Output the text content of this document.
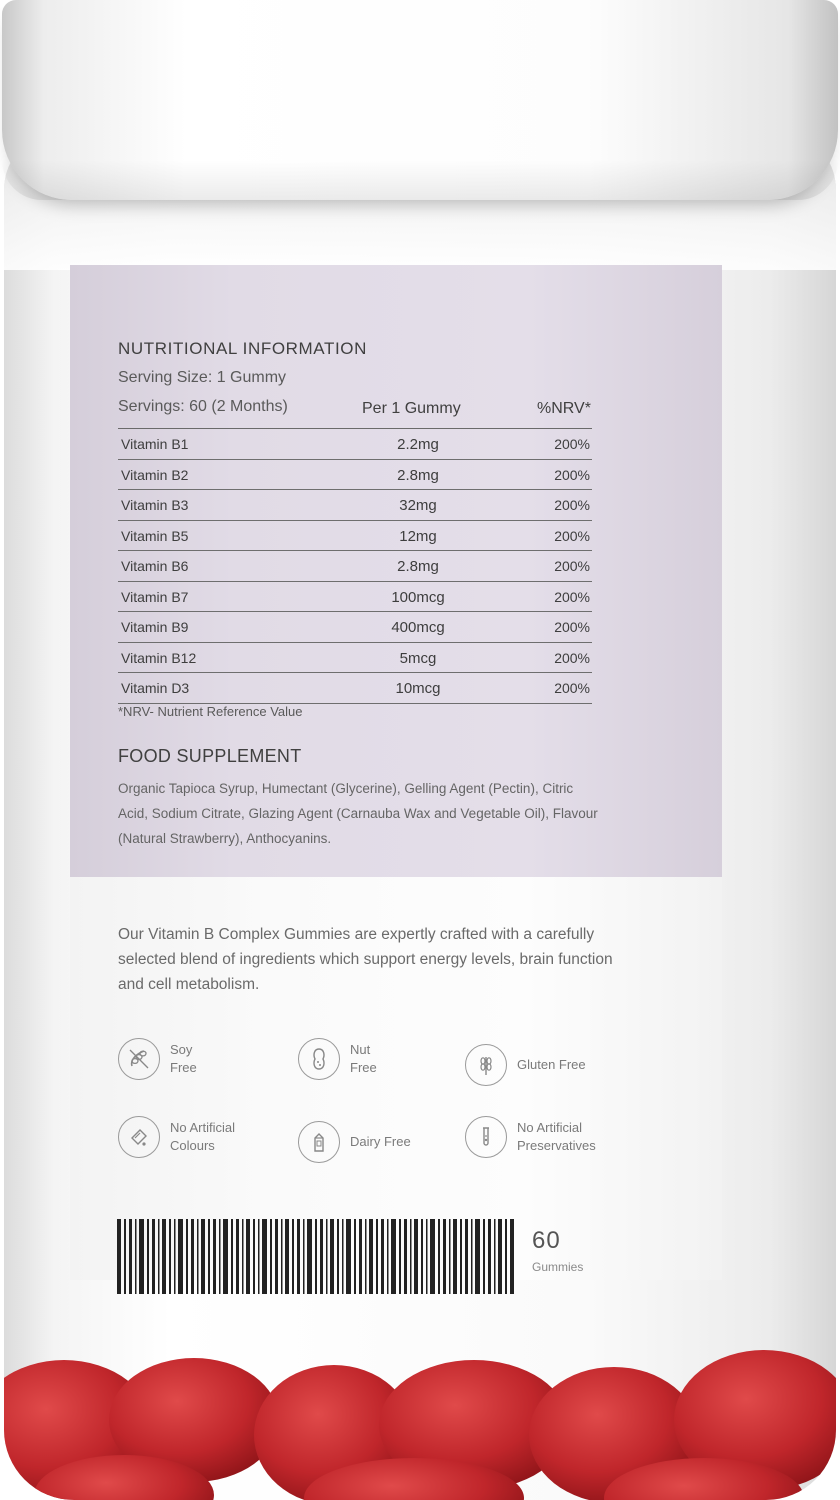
NUTRITIONAL INFORMATION
Serving Size: 1 Gummy
Servings: 60 (2 Months)	Per 1 Gummy	%NRV*
Vitamin B1	2.2mg	200%
Vitamin B2	2.8mg	200%
Vitamin B3	32mg	200%
Vitamin B5	12mg	200%
Vitamin B6	2.8mg	200%
Vitamin B7	100mcg	200%
Vitamin B9	400mcg	200%
Vitamin B12	5mcg	200%
Vitamin D3	10mcg	200%
*NRV- Nutrient Reference Value
FOOD SUPPLEMENT
Organic Tapioca Syrup, Humectant (Glycerine), Gelling Agent (Pectin), Citric Acid, Sodium Citrate, Glazing Agent (Carnauba Wax and Vegetable Oil), Flavour (Natural Strawberry), Anthocyanins.
Our Vitamin B Complex Gummies are expertly crafted with a carefully selected blend of ingredients which support energy levels, brain function and cell metabolism.
Soy
Free
Nut
Free	Gluten Free
No Artificial
Colours	Dairy Free
No Artificial
Preservatives
60
Gummies
